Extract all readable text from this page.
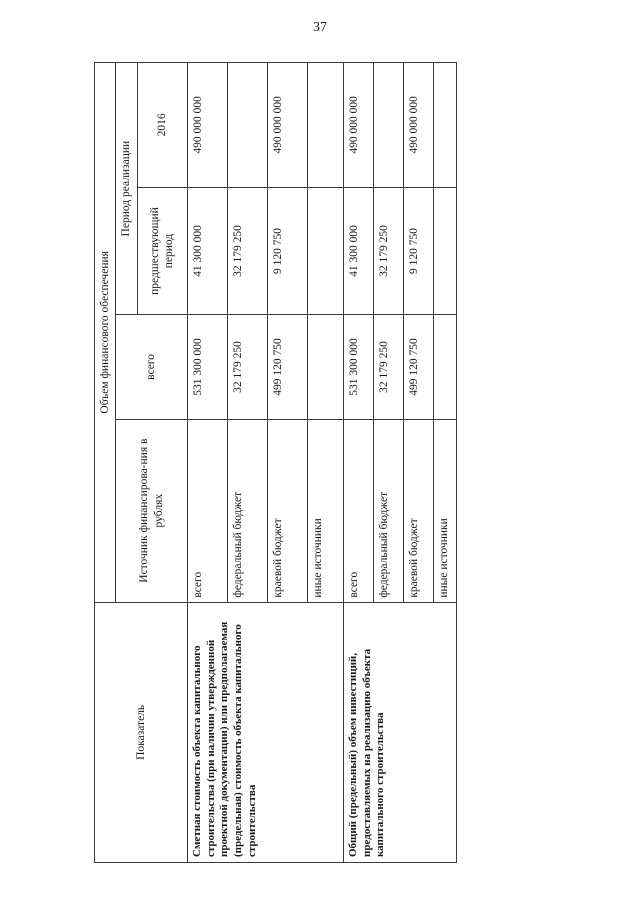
37
Показатель	Объем финансового обеспечения			
	Источник финансирова-ния в рублях	всего	Период реализации	
			предшествующий период	2016
Сметная стоимость объекта капитального строительства (при наличии утвержденной проектной документации) или предполагаемая (предельная) стоимость объекта капитального строительства	всего	531 300 000	41 300 000	490 000 000
	федеральный бюджет	32 179 250	32 179 250	
	краевой бюджет	499 120 750	9 120 750	490 000 000
	иные источники			
Общий (предельный) объем инвестиций, предоставляемых на реализацию объекта капитального строительства	всего	531 300 000	41 300 000	490 000 000
	федеральный бюджет	32 179 250	32 179 250	
	краевой бюджет	499 120 750	9 120 750	490 000 000
	иные источники			
